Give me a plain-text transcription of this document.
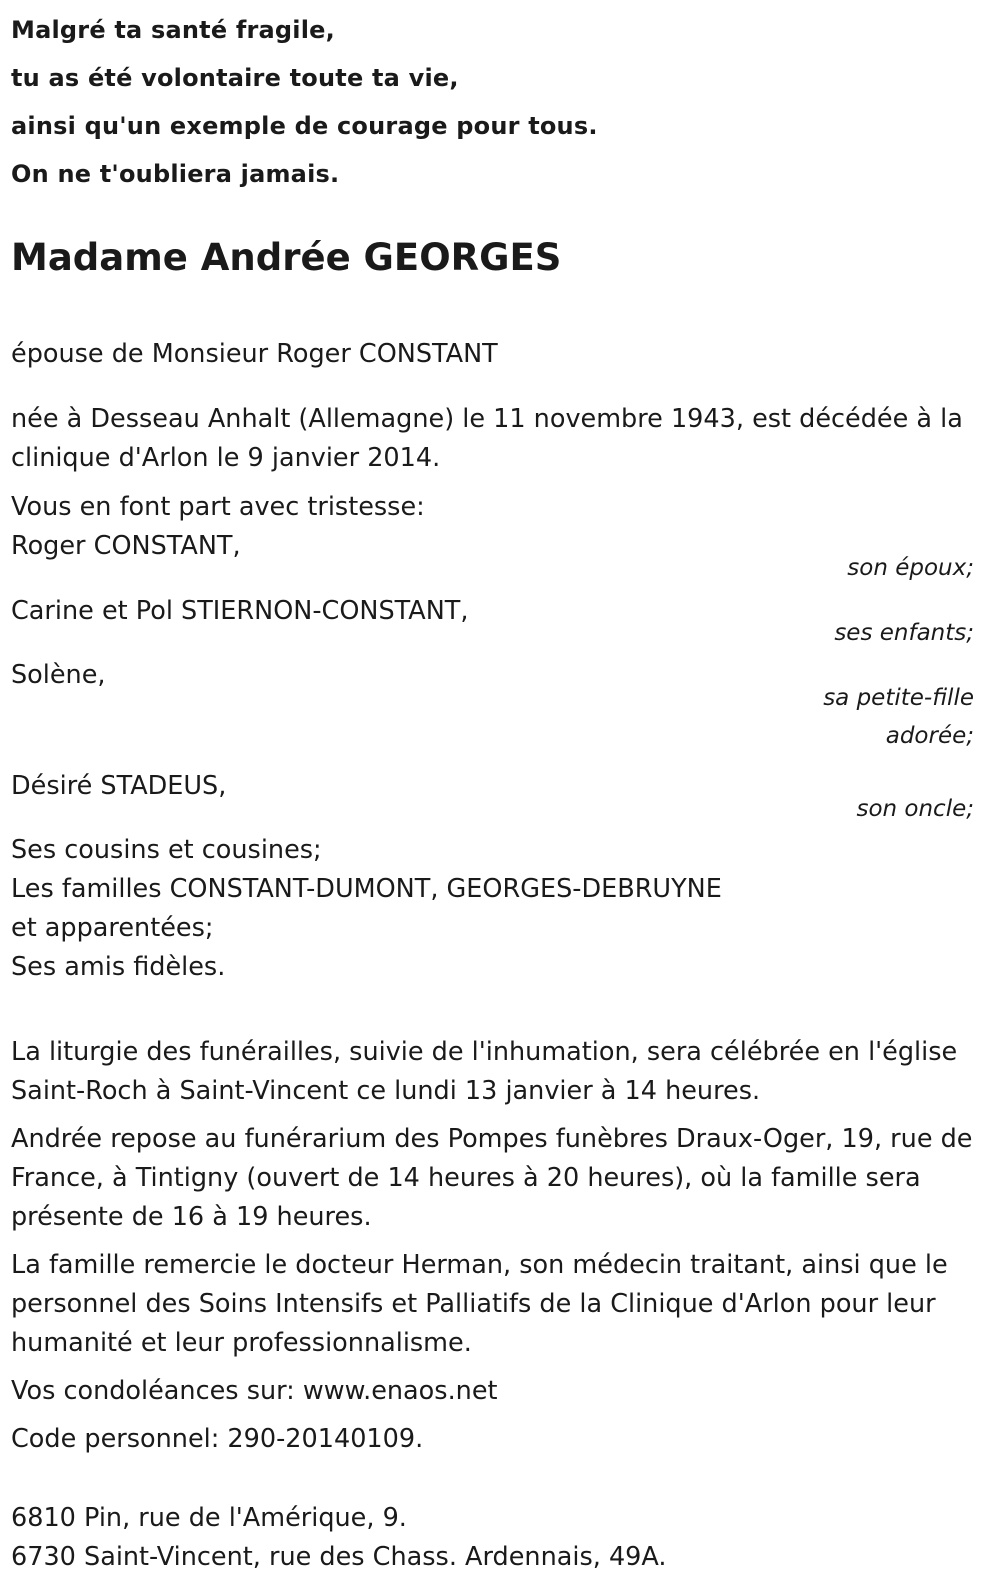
Malgré ta santé fragile,
tu as été volontaire toute ta vie,
ainsi qu'un exemple de courage pour tous.
On ne t'oubliera jamais.
Madame Andrée GEORGES
épouse de Monsieur Roger CONSTANT
née à Desseau Anhalt (Allemagne) le 11 novembre 1943, est décédée à la clinique d'Arlon le 9 janvier 2014.
Vous en font part avec tristesse:
Roger CONSTANT,
son époux;
Carine et Pol STIERNON-CONSTANT,
ses enfants;
Solène,
sa petite-fille adorée;
Désiré STADEUS,
son oncle;
Ses cousins et cousines;
Les familles CONSTANT-DUMONT, GEORGES-DEBRUYNE
et apparentées;
Ses amis fidèles.
La liturgie des funérailles, suivie de l'inhumation, sera célébrée en l'église Saint-Roch à Saint-Vincent ce lundi 13 janvier à 14 heures.
Andrée repose au funérarium des Pompes funèbres Draux-Oger, 19, rue de France, à Tintigny (ouvert de 14 heures à 20 heures), où la famille sera présente de 16 à 19 heures.
La famille remercie le docteur Herman, son médecin traitant, ainsi que le personnel des Soins Intensifs et Palliatifs de la Clinique d'Arlon pour leur humanité et leur professionnalisme.
Vos condoléances sur: www.enaos.net
Code personnel: 290-20140109.
6810 Pin, rue de l'Amérique, 9.
6730 Saint-Vincent, rue des Chass. Ardennais, 49A.
